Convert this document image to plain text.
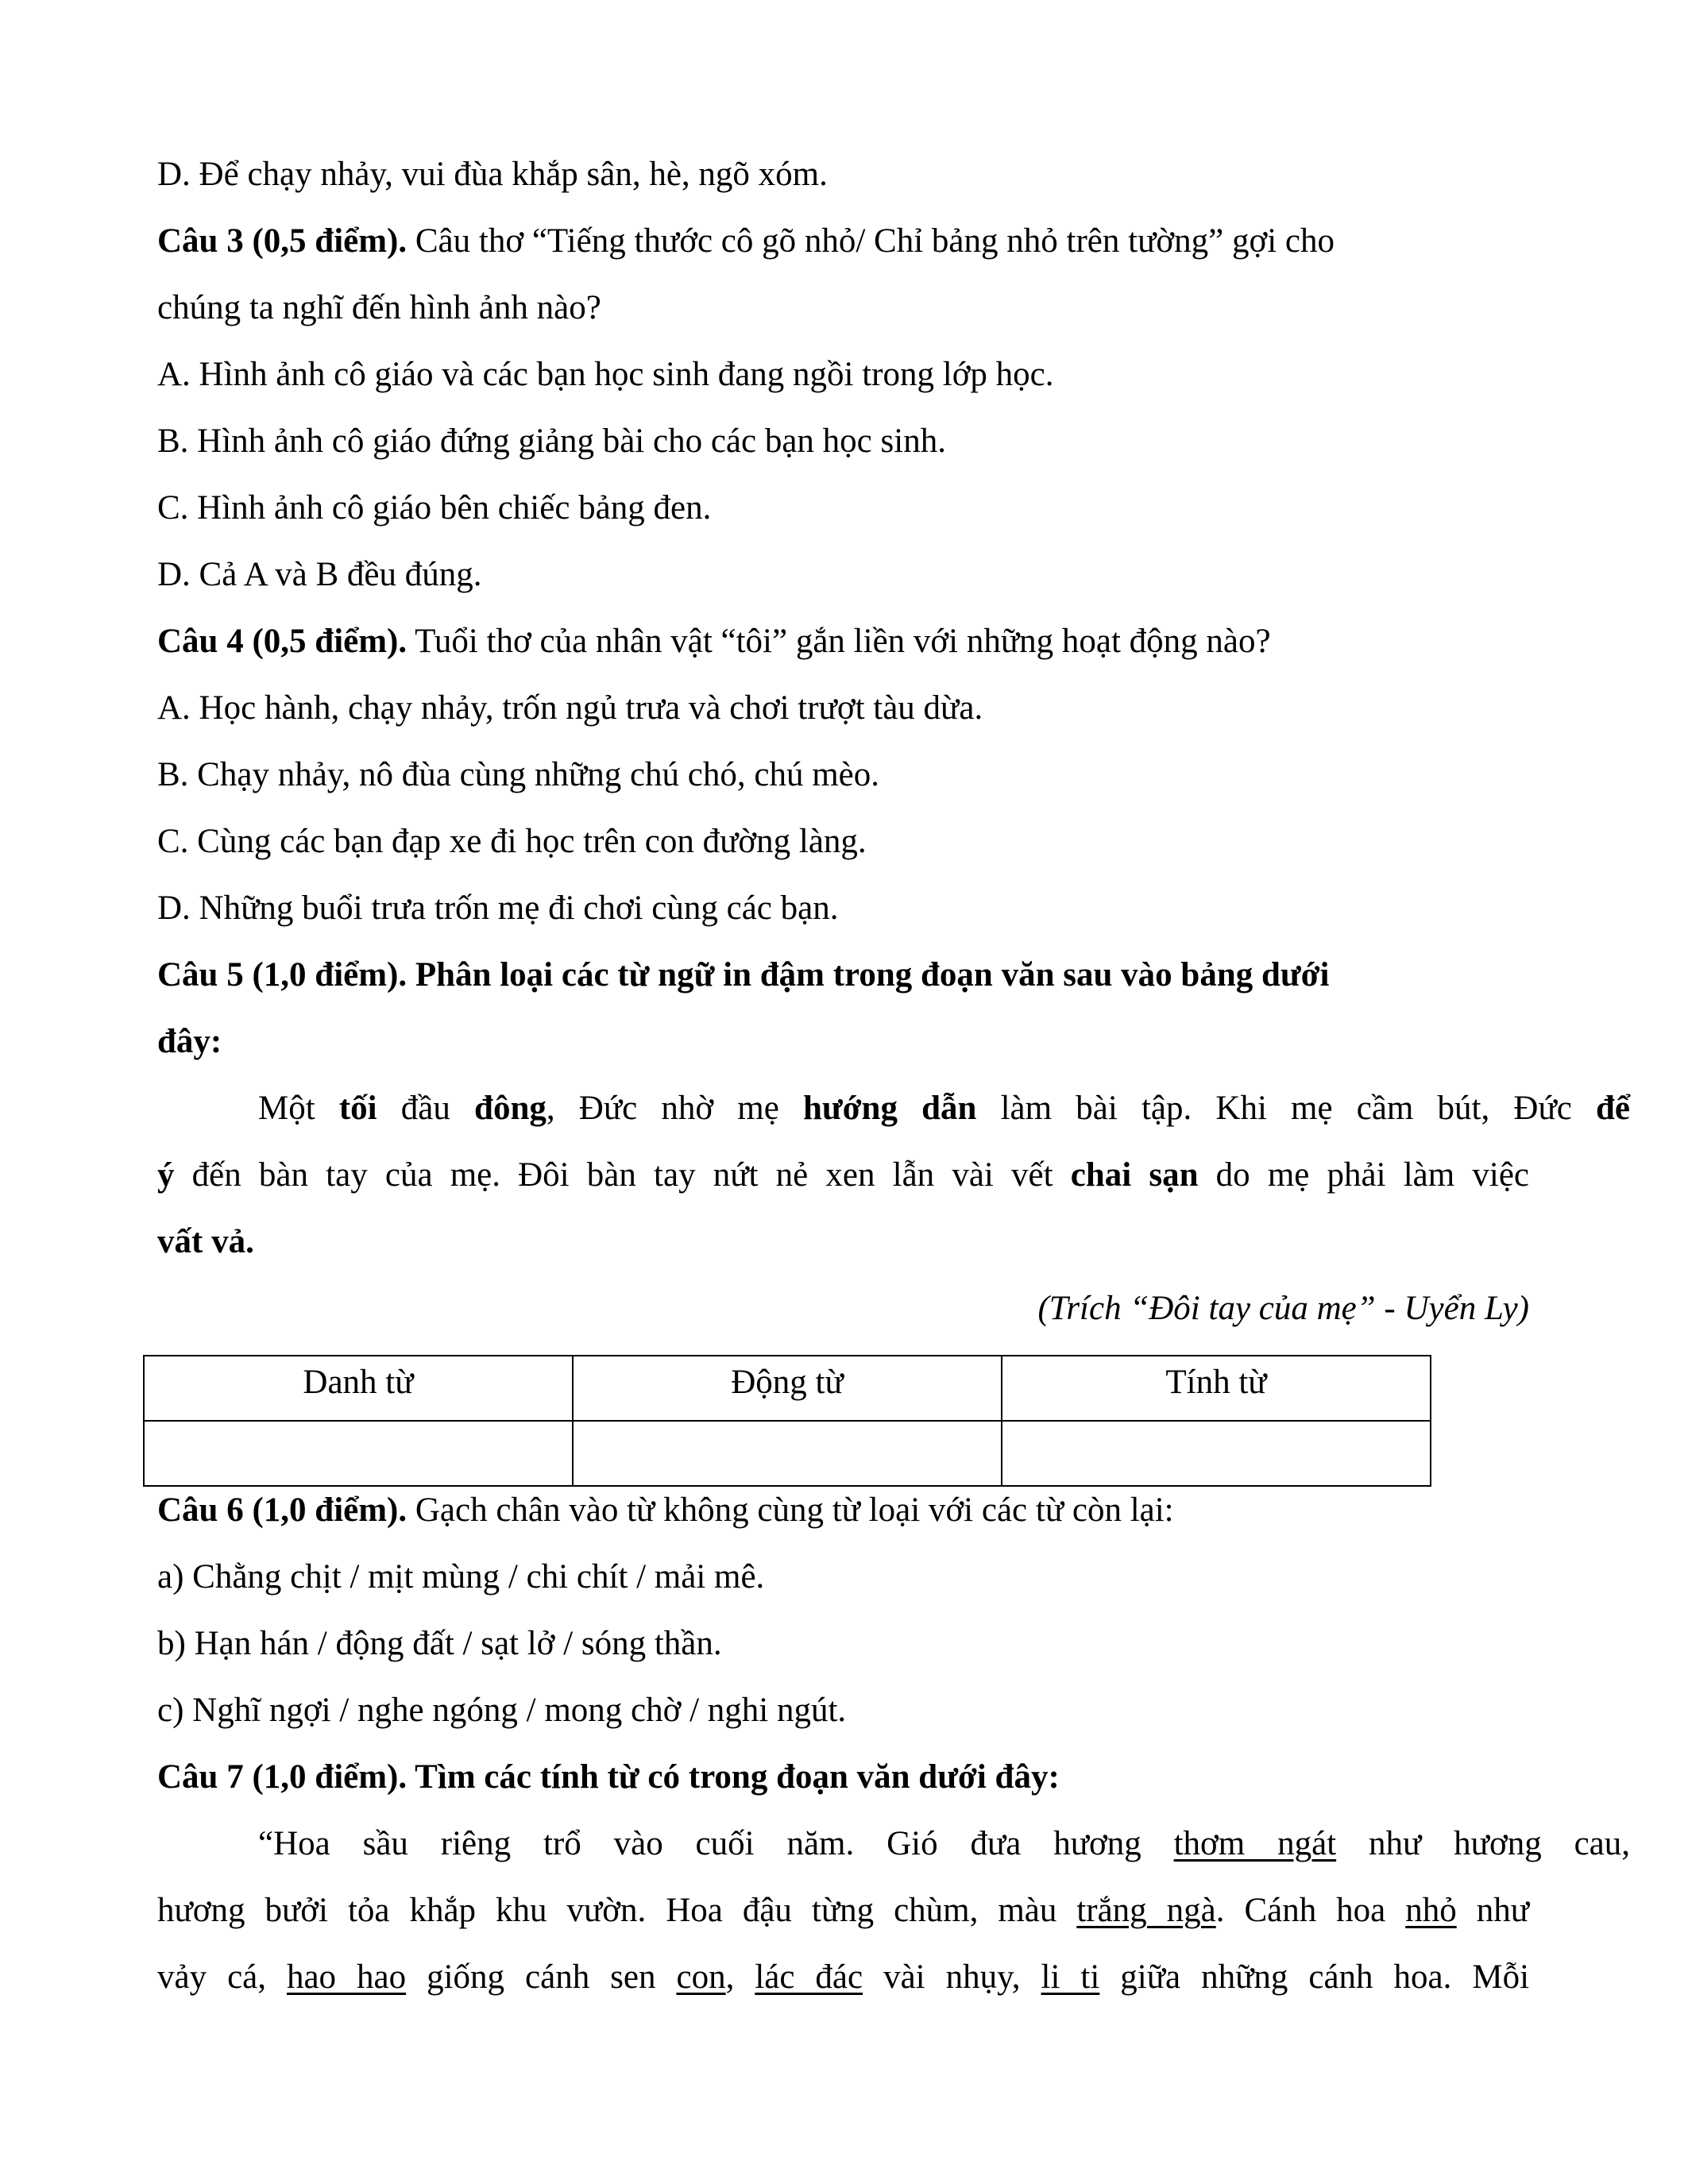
D. Để chạy nhảy, vui đùa khắp sân, hè, ngõ xóm.
Câu 3 (0,5 điểm). Câu thơ “Tiếng thước cô gõ nhỏ/ Chỉ bảng nhỏ trên tường” gợi cho
chúng ta nghĩ đến hình ảnh nào?
A. Hình ảnh cô giáo và các bạn học sinh đang ngồi trong lớp học.
B. Hình ảnh cô giáo đứng giảng bài cho các bạn học sinh.
C. Hình ảnh cô giáo bên chiếc bảng đen.
D. Cả A và B đều đúng.
Câu 4 (0,5 điểm). Tuổi thơ của nhân vật “tôi” gắn liền với những hoạt động nào?
A. Học hành, chạy nhảy, trốn ngủ trưa và chơi trượt tàu dừa.
B. Chạy nhảy, nô đùa cùng những chú chó, chú mèo.
C. Cùng các bạn đạp xe đi học trên con đường làng.
D. Những buổi trưa trốn mẹ đi chơi cùng các bạn.
Câu 5 (1,0 điểm). Phân loại các từ ngữ in đậm trong đoạn văn sau vào bảng dưới
đây:
Một tối đầu đông, Đức nhờ mẹ hướng dẫn làm bài tập. Khi mẹ cầm bút, Đức để
ý đến bàn tay của mẹ. Đôi bàn tay nứt nẻ xen lẫn vài vết chai sạn do mẹ phải làm việc
vất vả.
(Trích “Đôi tay của mẹ” - Uyển Ly)
Danh từ	Động từ	Tính từ

Câu 6 (1,0 điểm). Gạch chân vào từ không cùng từ loại với các từ còn lại:
a) Chằng chịt / mịt mùng / chi chít / mải mê.
b) Hạn hán / động đất / sạt lở / sóng thần.
c) Nghĩ ngợi / nghe ngóng / mong chờ / nghi ngút.
Câu 7 (1,0 điểm). Tìm các tính từ có trong đoạn văn dưới đây:
“Hoa sầu riêng trổ vào cuối năm. Gió đưa hương thơm ngát như hương cau,
hương bưởi tỏa khắp khu vườn. Hoa đậu từng chùm, màu trắng ngà. Cánh hoa nhỏ như
vảy cá, hao hao giống cánh sen con, lác đác vài nhụy, li ti giữa những cánh hoa. Mỗi
